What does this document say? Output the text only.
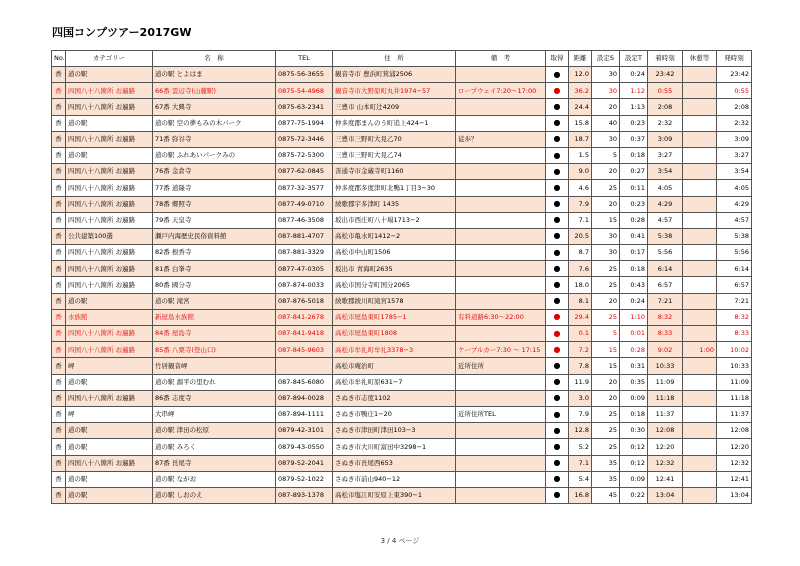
四国コンプツアー2017GW
No.	カテゴリー	名　称	TEL	住　所	備　考	取得	距離	設定S	設定T	着時刻	休憩等	発時刻
香	道の駅	道の駅 とよはま	0875-56-3655	観音寺市 豊浜町箕浦2506		●	12.0	30	0:24	23:42		23:42
香	四国八十八箇所 お遍路	66番 雲辺寺(山麓駅)	0875-54-4968	観音寺市大野原町丸井1974−57	ロープウェイ7:20〜17:00	●	36.2	30	1:12	0:55		0:55
香	四国八十八箇所 お遍路	67番 大興寺	0875-63-2341	三豊市 山本町辻4209		●	24.4	20	1:13	2:08		2:08
香	道の駅	道の駅 空の夢もみの木パーク	0877-75-1994	仲多度郡まんのう町追上424−1		●	15.8	40	0:23	2:32		2:32
香	四国八十八箇所 お遍路	71番 弥谷寺	0875-72-3446	三豊市三野町大見乙70	徒歩？	●	18.7	30	0:37	3:09		3:09
香	道の駅	道の駅 ふれあいパークみの	0875-72-5300	三豊市三野町大見乙74		●	1.5	5	0:18	3:27		3:27
香	四国八十八箇所 お遍路	76番 金倉寺	0877-62-0845	善通寺市金蔵寺町1160		●	9.0	20	0:27	3:54		3:54
香	四国八十八箇所 お遍路	77番 道隆寺	0877-32-3577	仲多度郡多度津町北鴨1丁目3−30		●	4.6	25	0:11	4:05		4:05
香	四国八十八箇所 お遍路	78番 郷照寺	0877-49-0710	綾歌郡宇多津町 1435		●	7.9	20	0:23	4:29		4:29
香	四国八十八箇所 お遍路	79番 天皇寺	0877-46-3508	坂出市西庄町八十場1713−2		●	7.1	15	0:28	4:57		4:57
香	公共建築100選	瀬戸内海歴史民俗資料館	087-881-4707	高松市亀水町1412−2		●	20.5	30	0:41	5:38		5:38
香	四国八十八箇所 お遍路	82番 根香寺	087-881-3329	高松市中山町1506		●	8.7	30	0:17	5:56		5:56
香	四国八十八箇所 お遍路	81番 白峯寺	0877-47-0305	坂出市 青海町2635		●	7.6	25	0:18	6:14		6:14
香	四国八十八箇所 お遍路	80番 國分寺	087-874-0033	高松市国分寺町国分2065		●	18.0	25	0:43	6:57		6:57
香	道の駅	道の駅 滝宮	087-876-5018	綾歌郡綾川町滝宮1578		●	8.1	20	0:24	7:21		7:21
香	水族館	新屋島水族館	087-841-2678	高松市屋島東町1785−1	有料道路6:30〜22:00	●	29.4	25	1:10	8:32		8:32
香	四国八十八箇所 お遍路	84番 屋島寺	087-841-9418	高松市屋島東町1808		●	0.1	5	0:01	8:33		8:33
香	四国八十八箇所 お遍路	85番 八栗寺(登山口)	087-845-9603	高松市牟礼町牟礼3378−3	ケーブルカー7:30 〜 17:15	●	7.2	15	0:28	9:02	1:00	10:02
香	岬	竹居観音岬		高松市庵治町	近所住所	●	7.8	15	0:31	10:33		10:33
香	道の駅	道の駅 源平の里むれ	087-845-6080	高松市牟礼町原631−7		●	11.9	20	0:35	11:09		11:09
香	四国八十八箇所 お遍路	86番 志度寺	087-894-0028	さぬき市志度1102		●	3.0	20	0:09	11:18		11:18
香	岬	大串岬	087-894-1111	さぬき市鴨庄1−20	近所住所TEL	●	7.9	25	0:18	11:37		11:37
香	道の駅	道の駅 津田の松原	0879-42-3101	さぬき市津田町津田103−3		●	12.8	25	0:30	12:08		12:08
香	道の駅	道の駅 みろく	0879-43-0550	さぬき市大川町富田中3298−1		●	5.2	25	0:12	12:20		12:20
香	四国八十八箇所 お遍路	87番 長尾寺	0879-52-2041	さぬき市長尾西653		●	7.1	35	0:12	12:32		12:32
香	道の駅	道の駅 ながお	0879-52-1022	さぬき市前山940−12		●	5.4	35	0:09	12:41		12:41
香	道の駅	道の駅 しおのえ	087-893-1378	高松市塩江町安原上東390−1		●	16.8	45	0:22	13:04		13:04
3 / 4 ページ
